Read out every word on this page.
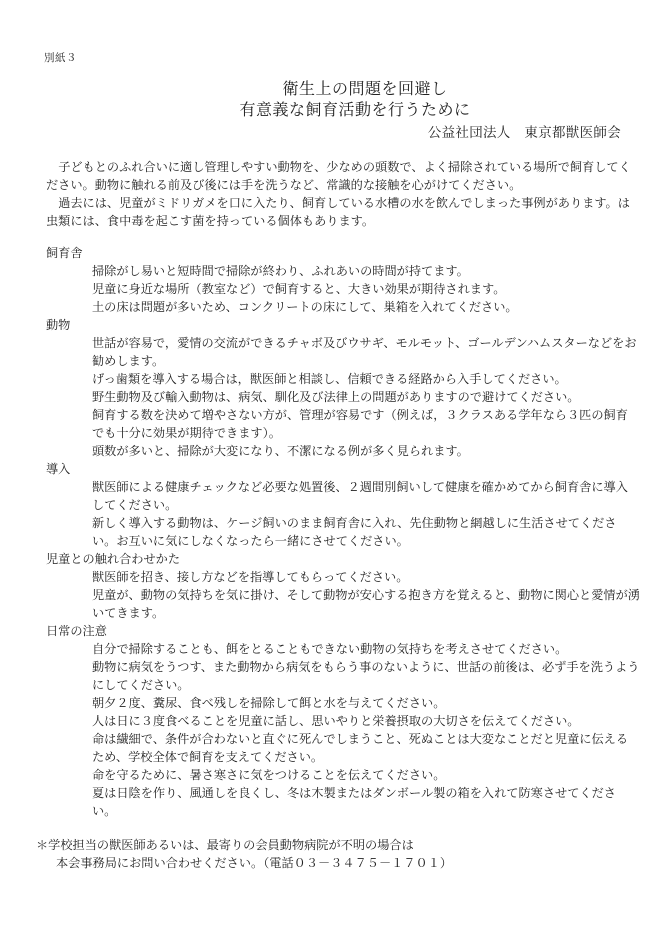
別紙３
衛生上の問題を回避し
有意義な飼育活動を行うために
公益社団法人　東京都獣医師会

子どもとのふれ合いに適し管理しやすい動物を、少なめの頭数で、よく掃除されている場所で飼育してください。動物に触れる前及び後には手を洗うなど、常識的な接触を心がけてください。

過去には、児童がミドリガメを口に入たり、飼育している水槽の水を飲んでしまった事例があります。は虫類には、食中毒を起こす菌を持っている個体もあります。

飼育舎

掃除がし易いと短時間で掃除が終わり、ふれあいの時間が持てます。
児童に身近な場所（教室など）で飼育すると、大きい効果が期待されます。
土の床は問題が多いため、コンクリートの床にして、巣箱を入れてください。

動物

世話が容易で，愛情の交流ができるチャボ及びウサギ、モルモット、ゴールデンハムスターなどをお勧めします。
げっ歯類を導入する場合は，獣医師と相談し、信頼できる経路から入手してください。
野生動物及び輸入動物は、病気、馴化及び法律上の問題がありますので避けてください。
飼育する数を決めて増やさない方が、管理が容易です（例えば，３クラスある学年なら３匹の飼育でも十分に効果が期待できます）。
頭数が多いと、掃除が大変になり、不潔になる例が多く見られます。

導入

獣医師による健康チェックなど必要な処置後、２週間別飼いして健康を確かめてから飼育舎に導入してください。
新しく導入する動物は、ケージ飼いのまま飼育舎に入れ、先住動物と網越しに生活させてください。お互いに気にしなくなったら一緒にさせてください。

児童との触れ合わせかた

獣医師を招き、接し方などを指導してもらってください。
児童が、動物の気持ちを気に掛け、そして動物が安心する抱き方を覚えると、動物に関心と愛情が湧いてきます。

日常の注意

自分で掃除することも、餌をとることもできない動物の気持ちを考えさせてください。
動物に病気をうつす、また動物から病気をもらう事のないように、世話の前後は、必ず手を洗うようにしてください。
朝夕２度、糞尿、食べ残しを掃除して餌と水を与えてください。
人は日に３度食べることを児童に話し、思いやりと栄養摂取の大切さを伝えてください。
命は繊細で、条件が合わないと直ぐに死んでしまうこと、死ぬことは大変なことだと児童に伝えるため、学校全体で飼育を支えてください。
命を守るために、暑さ寒さに気をつけることを伝えてください。
夏は日陰を作り、風通しを良くし、冬は木製またはダンボール製の箱を入れて防寒させてください。
＊学校担当の獣医師あるいは、最寄りの会員動物病院が不明の場合は
本会事務局にお問い合わせください。（電話０３－３４７５－１７０１）
